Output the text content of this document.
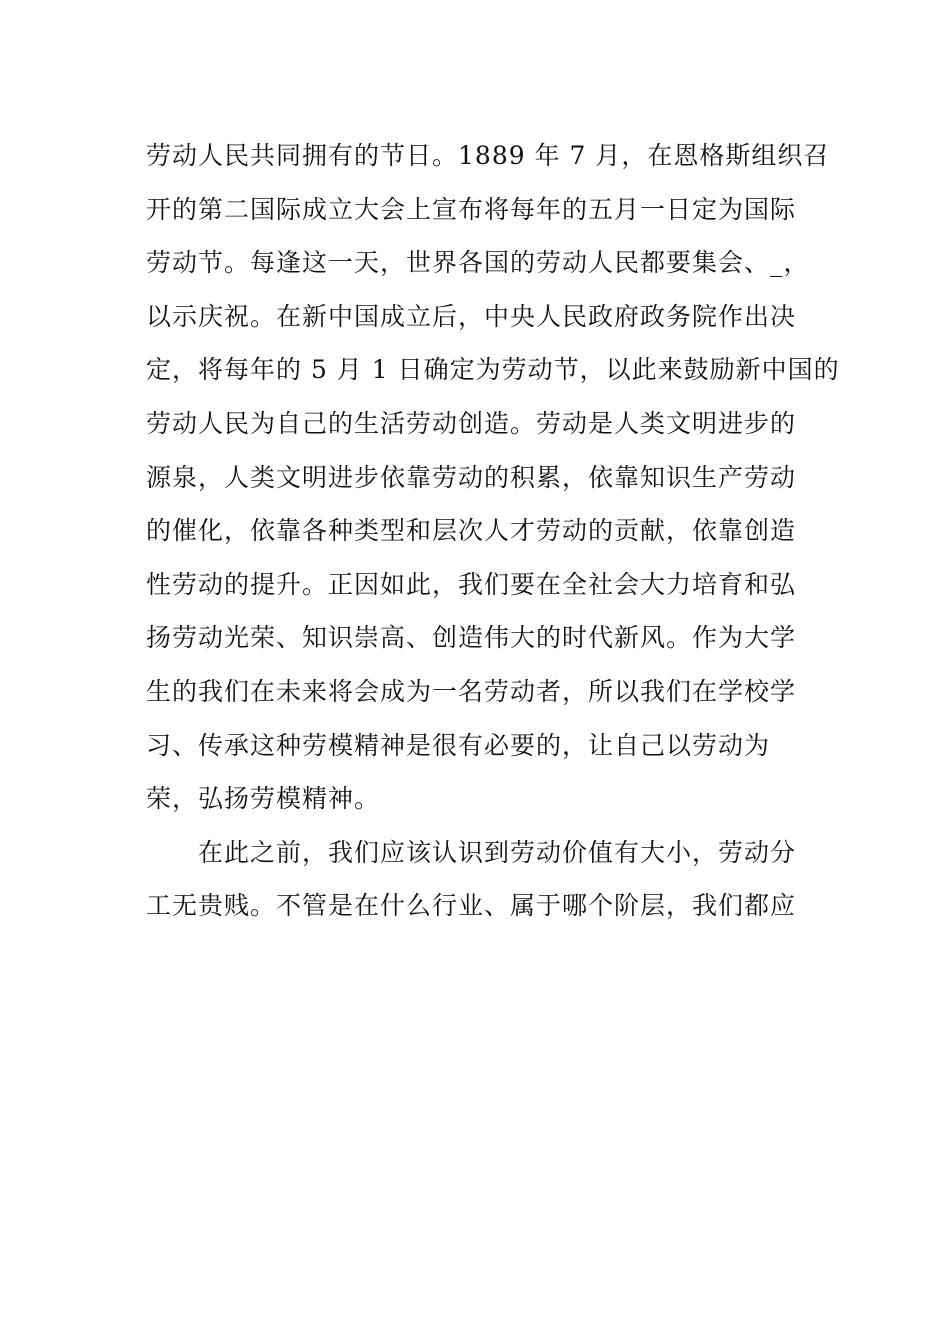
劳动人民共同拥有的节日。1889 年 7 月，在恩格斯组织召
开的第二国际成立大会上宣布将每年的五月一日定为国际
劳动节。每逢这一天，世界各国的劳动人民都要集会、_，
以示庆祝。在新中国成立后，中央人民政府政务院作出决
定，将每年的 5 月 1 日确定为劳动节，以此来鼓励新中国的
劳动人民为自己的生活劳动创造。劳动是人类文明进步的
源泉，人类文明进步依靠劳动的积累，依靠知识生产劳动
的催化，依靠各种类型和层次人才劳动的贡献，依靠创造
性劳动的提升。正因如此，我们要在全社会大力培育和弘
扬劳动光荣、知识崇高、创造伟大的时代新风。作为大学
生的我们在未来将会成为一名劳动者，所以我们在学校学
习、传承这种劳模精神是很有必要的，让自己以劳动为
荣，弘扬劳模精神。
在此之前，我们应该认识到劳动价值有大小，劳动分
工无贵贱。不管是在什么行业、属于哪个阶层，我们都应
